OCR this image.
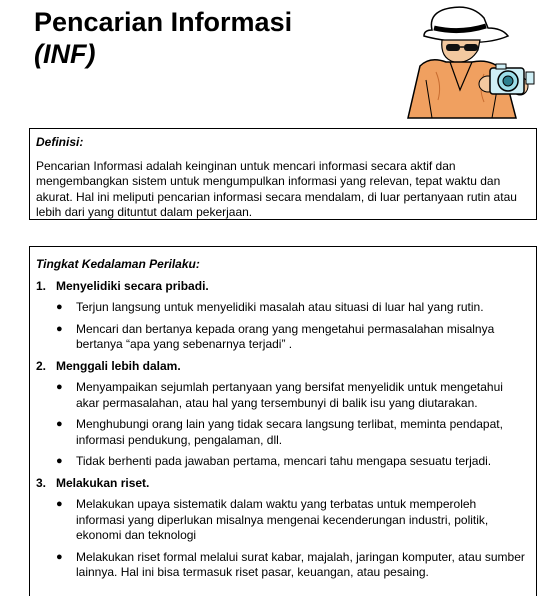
Pencarian Informasi
(INF)

Definisi:

Pencarian Informasi adalah keinginan untuk mencari informasi secara aktif dan mengembangkan sistem untuk mengumpulkan informasi yang relevan, tepat waktu dan akurat. Hal ini meliputi pencarian informasi secara mendalam, di luar pertanyaan rutin atau lebih dari yang dituntut dalam pekerjaan.

Tingkat Kedalaman Perilaku:

1. Menyelidiki secara pribadi.
●	Terjun langsung untuk menyelidiki masalah atau situasi di luar hal yang rutin.
●	Mencari dan bertanya kepada orang yang mengetahui permasalahan misalnya bertanya “apa yang sebenarnya terjadi” .
2. Menggali lebih dalam.
●	Menyampaikan sejumlah pertanyaan yang bersifat menyelidik untuk mengetahui akar permasalahan, atau hal yang tersembunyi di balik isu yang diutarakan.
●	Menghubungi orang lain yang tidak secara langsung terlibat, meminta pendapat, informasi pendukung, pengalaman, dll.
●	Tidak berhenti pada jawaban pertama, mencari tahu mengapa sesuatu terjadi.
3. Melakukan riset.
●	Melakukan upaya sistematik dalam waktu yang terbatas untuk memperoleh informasi yang diperlukan misalnya mengenai kecenderungan industri, politik, ekonomi dan teknologi
●	Melakukan riset formal melalui surat kabar, majalah, jaringan komputer, atau sumber lainnya. Hal ini bisa termasuk riset pasar, keuangan, atau pesaing.
